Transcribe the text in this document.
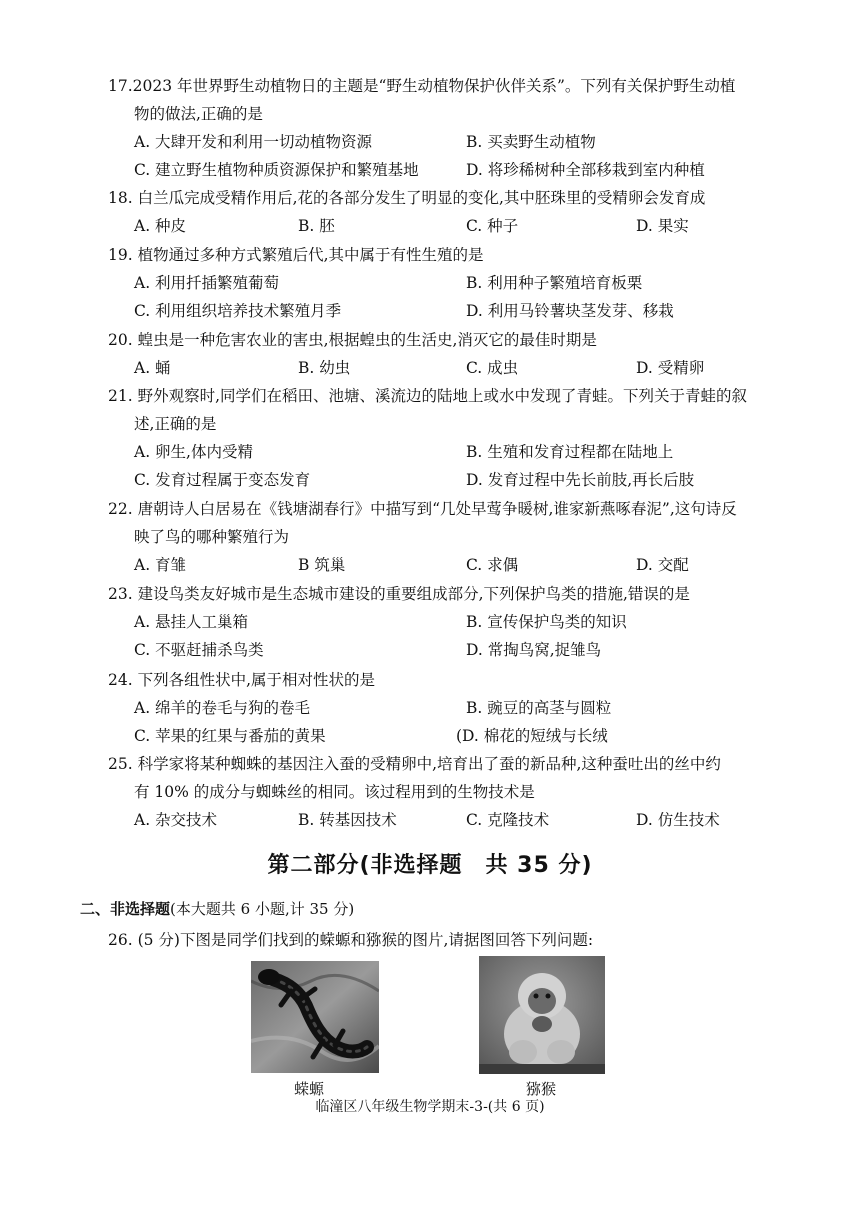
17.2023 年世界野生动植物日的主题是“野生动植物保护伙伴关系”。下列有关保护野生动植
物的做法,正确的是
A. 大肆开发和利用一切动植物资源	B. 买卖野生动植物
C. 建立野生植物种质资源保护和繁殖基地	D. 将珍稀树种全部移栽到室内种植
18. 白兰瓜完成受精作用后,花的各部分发生了明显的变化,其中胚珠里的受精卵会发育成
A. 种皮	B. 胚	C. 种子	D. 果实
19. 植物通过多种方式繁殖后代,其中属于有性生殖的是
A. 利用扦插繁殖葡萄	B. 利用种子繁殖培育板栗
C. 利用组织培养技术繁殖月季	D. 利用马铃薯块茎发芽、移栽
20. 蝗虫是一种危害农业的害虫,根据蝗虫的生活史,消灭它的最佳时期是
A. 蛹	B. 幼虫	C. 成虫	D. 受精卵
21. 野外观察时,同学们在稻田、池塘、溪流边的陆地上或水中发现了青蛙。下列关于青蛙的叙
述,正确的是
A. 卵生,体内受精	B. 生殖和发育过程都在陆地上
C. 发育过程属于变态发育	D. 发育过程中先长前肢,再长后肢
22. 唐朝诗人白居易在《钱塘湖春行》中描写到“几处早莺争暖树,谁家新燕啄春泥”,这句诗反
映了鸟的哪种繁殖行为
A. 育雏	B 筑巢	C. 求偶	D. 交配
23. 建设鸟类友好城市是生态城市建设的重要组成部分,下列保护鸟类的措施,错误的是
A. 悬挂人工巢箱	B. 宣传保护鸟类的知识
C. 不驱赶捕杀鸟类	D. 常掏鸟窝,捉雏鸟
24. 下列各组性状中,属于相对性状的是
A. 绵羊的卷毛与狗的卷毛	B. 豌豆的高茎与圆粒
C. 苹果的红果与番茄的黄果	(D. 棉花的短绒与长绒
25. 科学家将某种蜘蛛的基因注入蚕的受精卵中,培育出了蚕的新品种,这种蚕吐出的丝中约
有 10% 的成分与蜘蛛丝的相同。该过程用到的生物技术是
A. 杂交技术	B. 转基因技术	C. 克隆技术	D. 仿生技术
第二部分(非选择题　共 35 分)
二、非选择题(本大题共 6 小题,计 35 分)
26. (5 分)下图是同学们找到的蝾螈和猕猴的图片,请据图回答下列问题:
蝾螈	猕猴
临潼区八年级生物学期末-3-(共 6 页)
